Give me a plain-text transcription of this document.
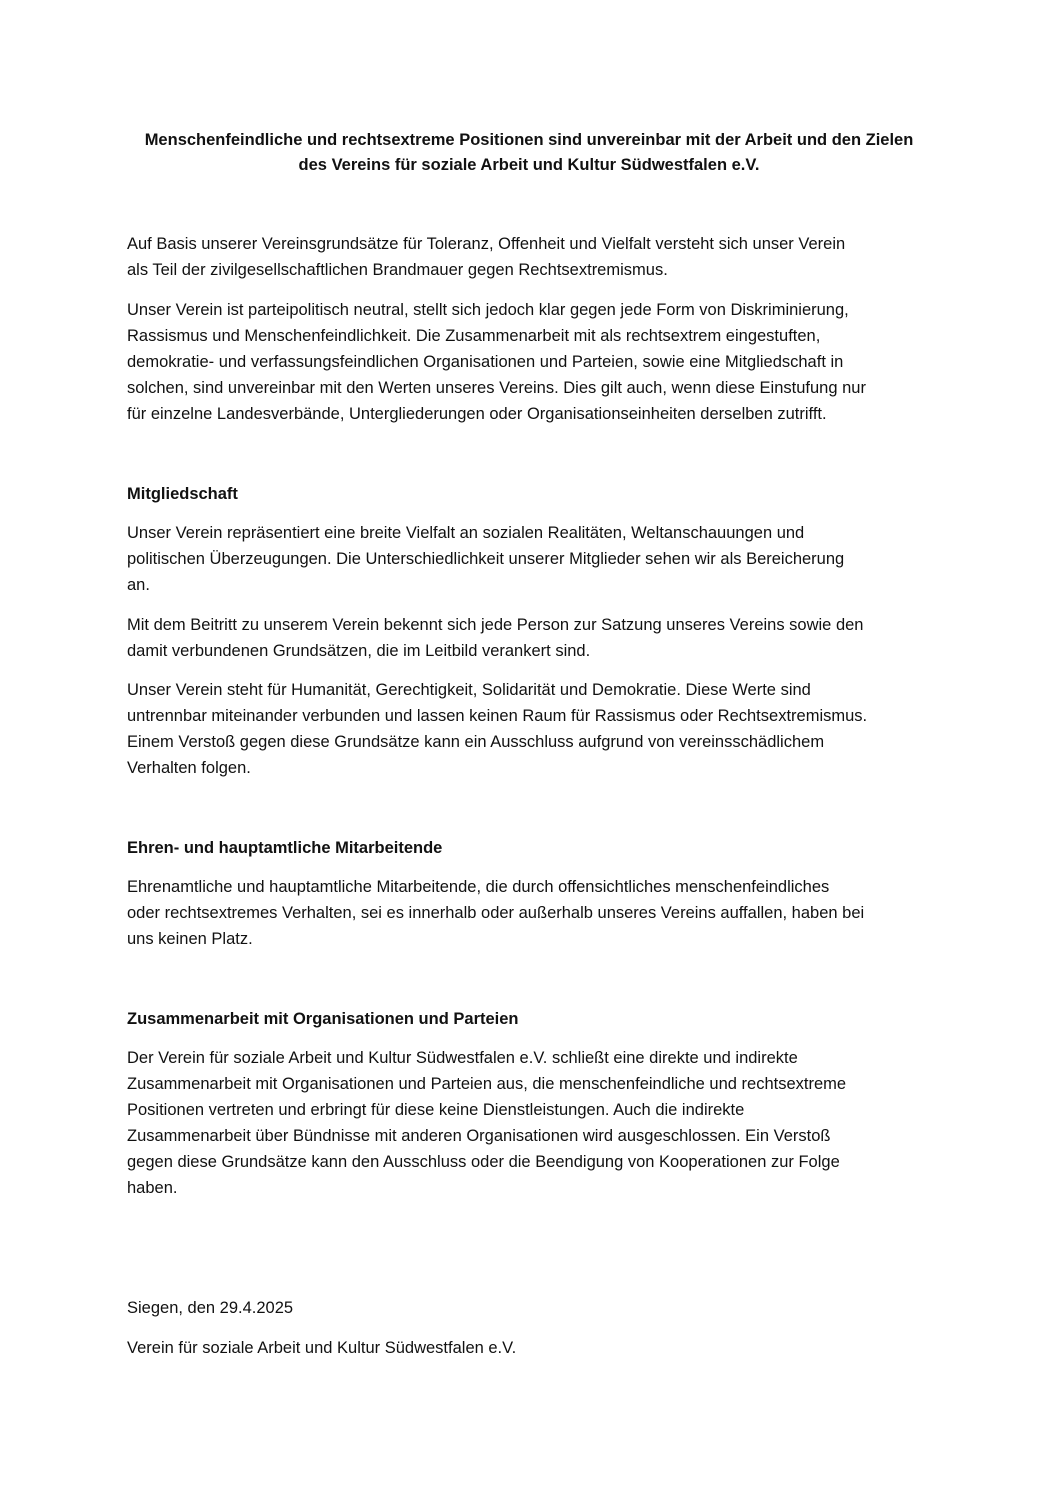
Menschenfeindliche und rechtsextreme Positionen sind unvereinbar mit der Arbeit und den Zielen
des Vereins für soziale Arbeit und Kultur Südwestfalen e.V.

Auf Basis unserer Vereinsgrundsätze für Toleranz, Offenheit und Vielfalt versteht sich unser Verein
als Teil der zivilgesellschaftlichen Brandmauer gegen Rechtsextremismus.

Unser Verein ist parteipolitisch neutral, stellt sich jedoch klar gegen jede Form von Diskriminierung,
Rassismus und Menschenfeindlichkeit. Die Zusammenarbeit mit als rechtsextrem eingestuften,
demokratie- und verfassungsfeindlichen Organisationen und Parteien, sowie eine Mitgliedschaft in
solchen, sind unvereinbar mit den Werten unseres Vereins. Dies gilt auch, wenn diese Einstufung nur
für einzelne Landesverbände, Untergliederungen oder Organisationseinheiten derselben zutrifft.

Mitgliedschaft

Unser Verein repräsentiert eine breite Vielfalt an sozialen Realitäten, Weltanschauungen und
politischen Überzeugungen. Die Unterschiedlichkeit unserer Mitglieder sehen wir als Bereicherung
an.

Mit dem Beitritt zu unserem Verein bekennt sich jede Person zur Satzung unseres Vereins sowie den
damit verbundenen Grundsätzen, die im Leitbild verankert sind.

Unser Verein steht für Humanität, Gerechtigkeit, Solidarität und Demokratie. Diese Werte sind
untrennbar miteinander verbunden und lassen keinen Raum für Rassismus oder Rechtsextremismus.
Einem Verstoß gegen diese Grundsätze kann ein Ausschluss aufgrund von vereinsschädlichem
Verhalten folgen.

Ehren- und hauptamtliche Mitarbeitende

Ehrenamtliche und hauptamtliche Mitarbeitende, die durch offensichtliches menschenfeindliches
oder rechtsextremes Verhalten, sei es innerhalb oder außerhalb unseres Vereins auffallen, haben bei
uns keinen Platz.

Zusammenarbeit mit Organisationen und Parteien

Der Verein für soziale Arbeit und Kultur Südwestfalen e.V. schließt eine direkte und indirekte
Zusammenarbeit mit Organisationen und Parteien aus, die menschenfeindliche und rechtsextreme
Positionen vertreten und erbringt für diese keine Dienstleistungen. Auch die indirekte
Zusammenarbeit über Bündnisse mit anderen Organisationen wird ausgeschlossen. Ein Verstoß
gegen diese Grundsätze kann den Ausschluss oder die Beendigung von Kooperationen zur Folge
haben.

Siegen, den 29.4.2025

Verein für soziale Arbeit und Kultur Südwestfalen e.V.
